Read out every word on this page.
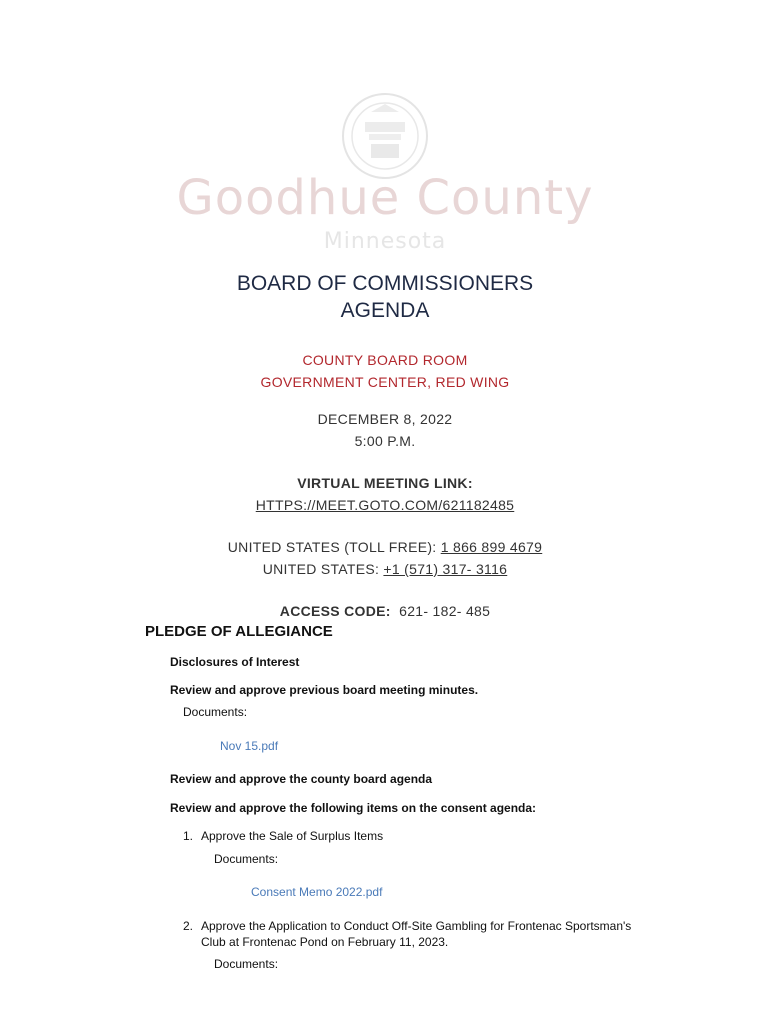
Goodhue County
Minnesota
BOARD OF COMMISSIONERS
AGENDA
COUNTY BOARD ROOM
GOVERNMENT CENTER, RED WING
DECEMBER 8, 2022
5:00 P.M.
VIRTUAL MEETING LINK:
HTTPS://MEET.GOTO.COM/621182485
UNITED STATES (TOLL FREE): 1 866 899 4679
UNITED STATES: +1 (571) 317- 3116
ACCESS CODE: 621- 182- 485
PLEDGE OF ALLEGIANCE
Disclosures of Interest
Review and approve previous board meeting minutes.
Documents:
Nov 15.pdf
Review and approve the county board agenda
Review and approve the following items on the consent agenda:
1. Approve the Sale of Surplus Items
Documents:
Consent Memo 2022.pdf
2. Approve the Application to Conduct Off-Site Gambling for Frontenac Sportsman's
Club at Frontenac Pond on February 11, 2023.
Documents:
